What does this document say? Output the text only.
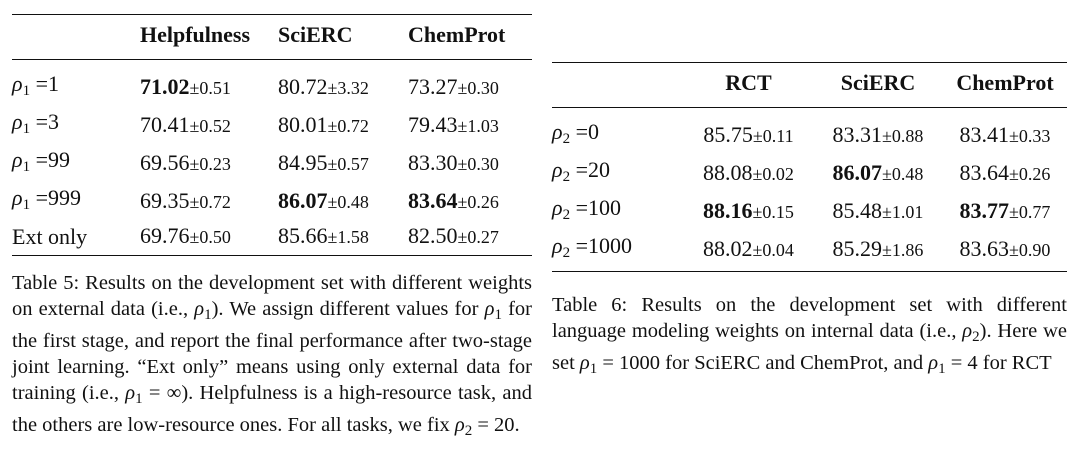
	Helpfulness	SciERC	ChemProt
$\rho_1 =1$	71.02±0.51	80.72±3.32	73.27±0.30
$\rho_1 =3$	70.41±0.52	80.01±0.72	79.43±1.03
$\rho_1 =99$	69.56±0.23	84.95±0.57	83.30±0.30
$\rho_1 =999$	69.35±0.72	86.07±0.48	83.64±0.26
Ext only	69.76±0.50	85.66±1.58	82.50±0.27

Table 5: Results on the development set with different weights on external data (i.e., $\rho_1$). We assign different values for $\rho_1$ for the first stage, and report the final performance after two-stage joint learning. “Ext only” means using only external data for training (i.e., $\rho_1$ = ∞). Helpfulness is a high-resource task, and the others are low-resource ones. For all tasks, we fix $\rho_2 = 20$.

	RCT	SciERC	ChemProt
$\rho_2 =0$	85.75±0.11	83.31±0.88	83.41±0.33
$\rho_2 =20$	88.08±0.02	86.07±0.48	83.64±0.26
$\rho_2 =100$	88.16±0.15	85.48±1.01	83.77±0.77
$\rho_2 =1000$	88.02±0.04	85.29±1.86	83.63±0.90

Table 6: Results on the development set with different language modeling weights on internal data (i.e., $\rho_2$). Here we set $\rho_1 = 1000$ for SciERC and ChemProt, and $\rho_1 = 4$ for RCT
